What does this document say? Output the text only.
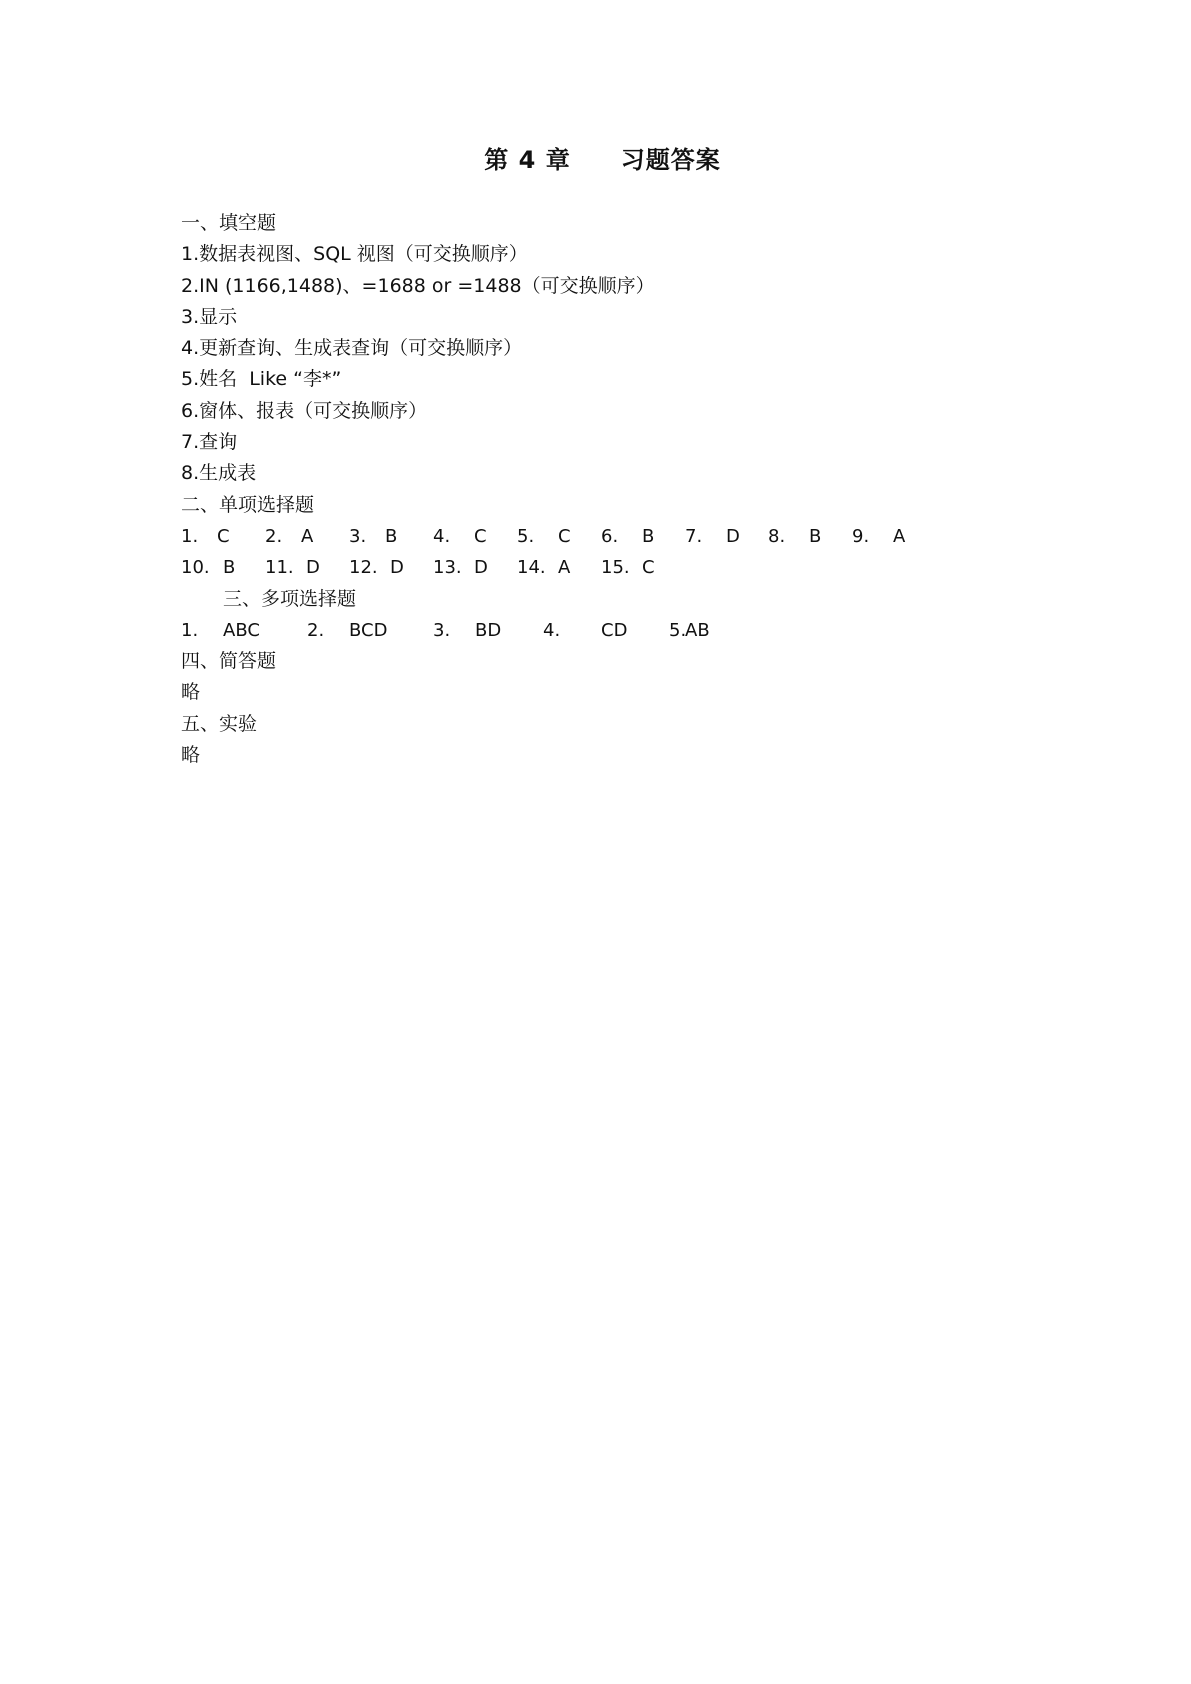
第 4 章　　习题答案
一、填空题
1.数据表视图、SQL 视图（可交换顺序）
2.IN (1166,1488)、=1688 or =1488（可交换顺序）
3.显示
4.更新查询、生成表查询（可交换顺序）
5.姓名  Like “李*”
6.窗体、报表（可交换顺序）
7.查询
8.生成表
二、单项选择题
1. C 2. A 3. B 4. C 5. C 6. B 7. D 8. B 9. A
10. B 11. D 12. D 13. D 14. A 15. C
三、多项选择题
1. ABC	2. BCD	3. BD 4. CD 5.
AB
四、简答题
略
五、实验
略
